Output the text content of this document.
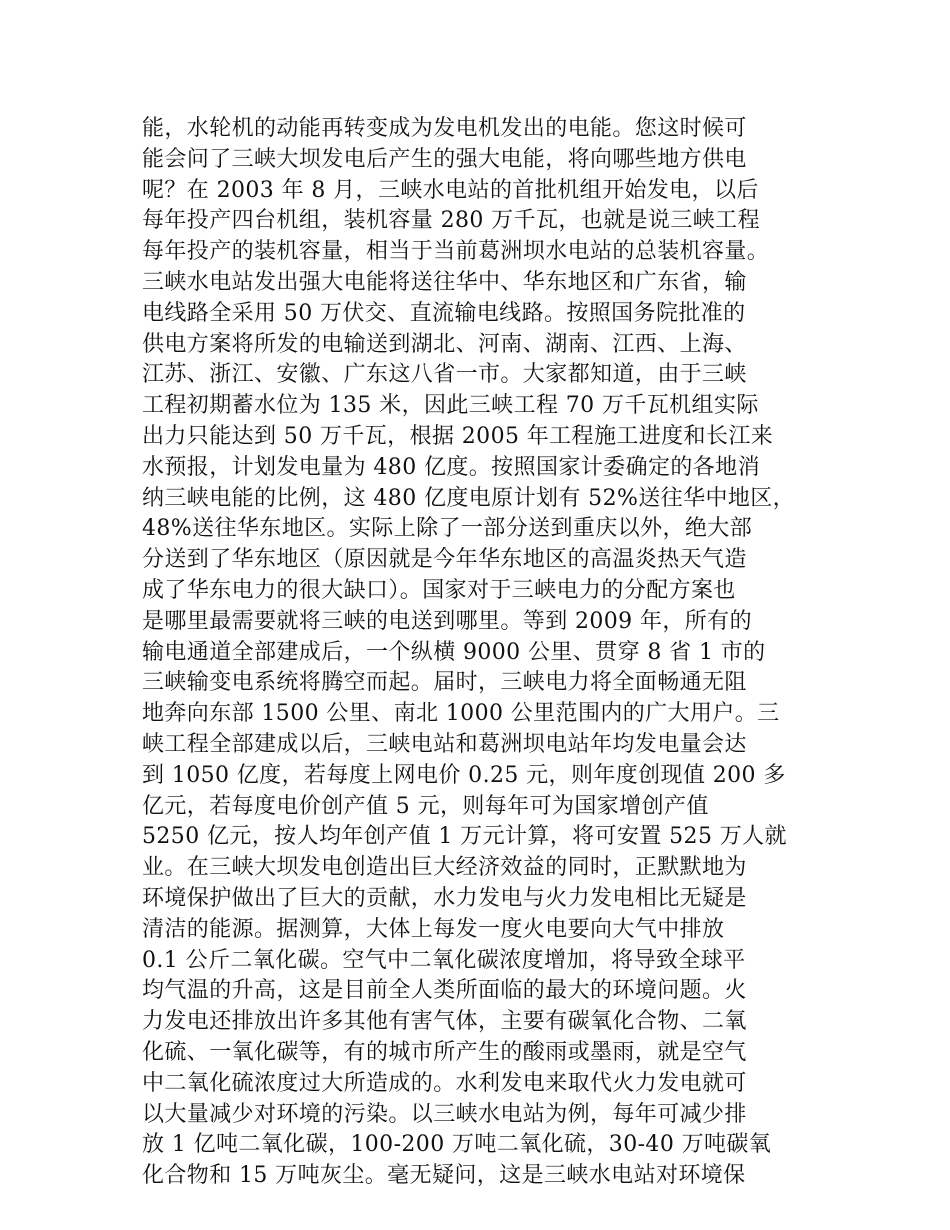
能，水轮机的动能再转变成为发电机发出的电能。您这时候可
能会问了三峡大坝发电后产生的强大电能，将向哪些地方供电
呢？在 2003 年 8 月，三峡水电站的首批机组开始发电，以后
每年投产四台机组，装机容量 280 万千瓦，也就是说三峡工程
每年投产的装机容量，相当于当前葛洲坝水电站的总装机容量。
三峡水电站发出强大电能将送往华中、华东地区和广东省，输
电线路全采用 50 万伏交、直流输电线路。按照国务院批准的
供电方案将所发的电输送到湖北、河南、湖南、江西、上海、
江苏、浙江、安徽、广东这八省一市。大家都知道，由于三峡
工程初期蓄水位为 135 米，因此三峡工程 70 万千瓦机组实际
出力只能达到 50 万千瓦，根据 2005 年工程施工进度和长江来
水预报，计划发电量为 480 亿度。按照国家计委确定的各地消
纳三峡电能的比例，这 480 亿度电原计划有 52%送往华中地区，
48%送往华东地区。实际上除了一部分送到重庆以外，绝大部
分送到了华东地区（原因就是今年华东地区的高温炎热天气造
成了华东电力的很大缺口）。国家对于三峡电力的分配方案也
是哪里最需要就将三峡的电送到哪里。等到 2009 年，所有的
输电通道全部建成后，一个纵横 9000 公里、贯穿 8 省 1 市的
三峡输变电系统将腾空而起。届时，三峡电力将全面畅通无阻
地奔向东部 1500 公里、南北 1000 公里范围内的广大用户。三
峡工程全部建成以后，三峡电站和葛洲坝电站年均发电量会达
到 1050 亿度，若每度上网电价 0.25 元，则年度创现值 200 多
亿元，若每度电价创产值 5 元，则每年可为国家增创产值
5250 亿元，按人均年创产值 1 万元计算，将可安置 525 万人就
业。在三峡大坝发电创造出巨大经济效益的同时，正默默地为
环境保护做出了巨大的贡献，水力发电与火力发电相比无疑是
清洁的能源。据测算，大体上每发一度火电要向大气中排放
0.1 公斤二氧化碳。空气中二氧化碳浓度增加，将导致全球平
均气温的升高，这是目前全人类所面临的最大的环境问题。火
力发电还排放出许多其他有害气体，主要有碳氧化合物、二氧
化硫、一氧化碳等，有的城市所产生的酸雨或墨雨，就是空气
中二氧化硫浓度过大所造成的。水利发电来取代火力发电就可
以大量减少对环境的污染。以三峡水电站为例，每年可减少排
放 1 亿吨二氧化碳，100-200 万吨二氧化硫，30-40 万吨碳氧
化合物和 15 万吨灰尘。毫无疑问，这是三峡水电站对环境保
